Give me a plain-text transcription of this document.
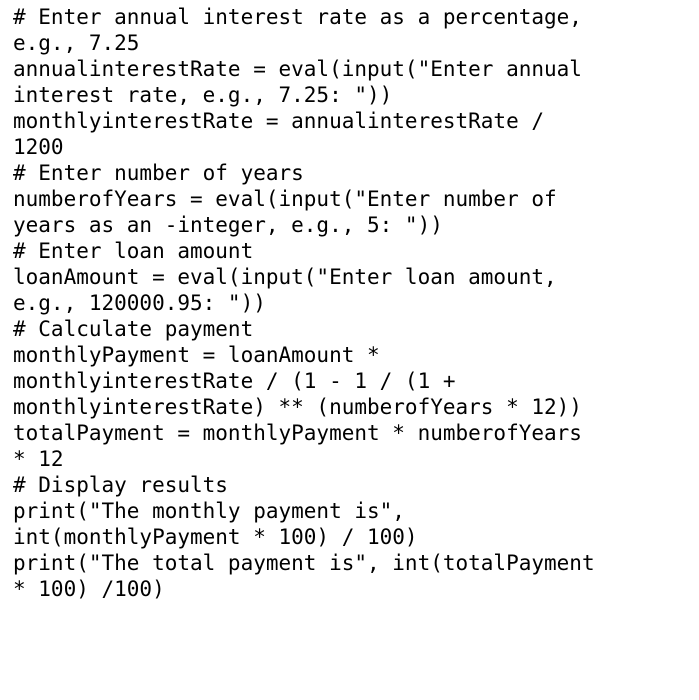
# Enter annual interest rate as a percentage,
e.g., 7.25
annualinterestRate = eval(input("Enter annual
interest rate, e.g., 7.25: "))
monthlyinterestRate = annualinterestRate /
1200
# Enter number of years
numberofYears = eval(input("Enter number of
years as an -integer, e.g., 5: "))
# Enter loan amount
loanAmount = eval(input("Enter loan amount,
e.g., 120000.95: "))
# Calculate payment
monthlyPayment = loanAmount *
monthlyinterestRate / (1 - 1 / (1 +
monthlyinterestRate) ** (numberofYears * 12))
totalPayment = monthlyPayment * numberofYears
* 12
# Display results
print("The monthly payment is",
int(monthlyPayment * 100) / 100)
print("The total payment is", int(totalPayment
* 100) /100)
